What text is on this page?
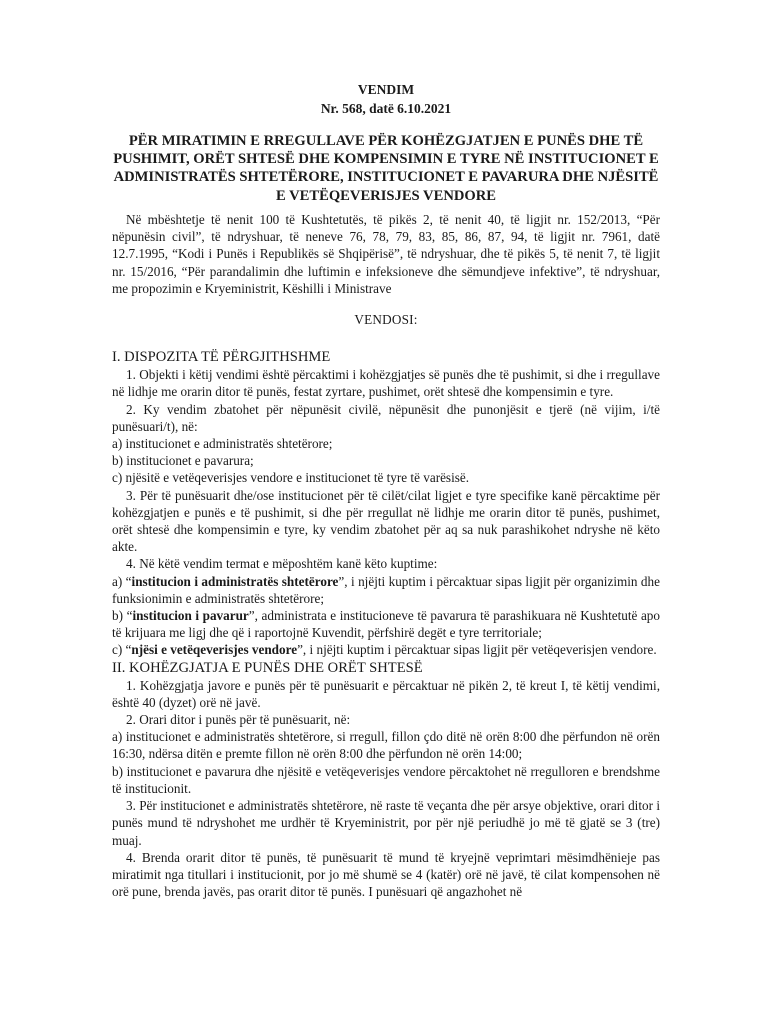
VENDIM
Nr. 568, datë 6.10.2021
PËR MIRATIMIN E RREGULLAVE PËR KOHËZGJATJEN E PUNËS DHE TË PUSHIMIT, ORËT SHTESË DHE KOMPENSIMIN E TYRE NË INSTITUCIONET E ADMINISTRATËS SHTETËRORE, INSTITUCIONET E PAVARURA DHE NJËSITË E VETËQEVERISJES VENDORE

Në mbështetje të nenit 100 të Kushtetutës, të pikës 2, të nenit 40, të ligjit nr. 152/2013, “Për nëpunësin civil”, të ndryshuar, të neneve 76, 78, 79, 83, 85, 86, 87, 94, të ligjit nr. 7961, datë 12.7.1995, “Kodi i Punës i Republikës së Shqipërisë”, të ndryshuar, dhe të pikës 5, të nenit 7, të ligjit nr. 15/2016, “Për parandalimin dhe luftimin e infeksioneve dhe sëmundjeve infektive”, të ndryshuar, me propozimin e Kryeministrit, Këshilli i Ministrave

VENDOSI:

I. DISPOZITA TË PËRGJITHSHME

1. Objekti i këtij vendimi është përcaktimi i kohëzgjatjes së punës dhe të pushimit, si dhe i rregullave në lidhje me orarin ditor të punës, festat zyrtare, pushimet, orët shtesë dhe kompensimin e tyre.

2. Ky vendim zbatohet për nëpunësit civilë, nëpunësit dhe punonjësit e tjerë (në vijim, i/të punësuari/t), në:

a) institucionet e administratës shtetërore;

b) institucionet e pavarura;

c) njësitë e vetëqeverisjes vendore e institucionet të tyre të varësisë.

3. Për të punësuarit dhe/ose institucionet për të cilët/cilat ligjet e tyre specifike kanë përcaktime për kohëzgjatjen e punës e të pushimit, si dhe për rregullat në lidhje me orarin ditor të punës, pushimet, orët shtesë dhe kompensimin e tyre, ky vendim zbatohet për aq sa nuk parashikohet ndryshe në këto akte.

4. Në këtë vendim termat e mëposhtëm kanë këto kuptime:

a) “institucion i administratës shtetërore”, i njëjti kuptim i përcaktuar sipas ligjit për organizimin dhe funksionimin e administratës shtetërore;

b) “institucion i pavarur”, administrata e institucioneve të pavarura të parashikuara në Kushtetutë apo të krijuara me ligj dhe që i raportojnë Kuvendit, përfshirë degët e tyre territoriale;

c) “njësi e vetëqeverisjes vendore”, i njëjti kuptim i përcaktuar sipas ligjit për vetëqeverisjen vendore.

II. KOHËZGJATJA E PUNËS DHE ORËT SHTESË

1. Kohëzgjatja javore e punës për të punësuarit e përcaktuar në pikën 2, të kreut I, të këtij vendimi, është 40 (dyzet) orë në javë.

2. Orari ditor i punës për të punësuarit, në:

a) institucionet e administratës shtetërore, si rregull, fillon çdo ditë në orën 8:00 dhe përfundon në orën 16:30, ndërsa ditën e premte fillon në orën 8:00 dhe përfundon në orën 14:00;

b) institucionet e pavarura dhe njësitë e vetëqeverisjes vendore përcaktohet në rregulloren e brendshme të institucionit.

3. Për institucionet e administratës shtetërore, në raste të veçanta dhe për arsye objektive, orari ditor i punës mund të ndryshohet me urdhër të Kryeministrit, por për një periudhë jo më të gjatë se 3 (tre) muaj.

4. Brenda orarit ditor të punës, të punësuarit të mund të kryejnë veprimtari mësimdhënieje pas miratimit nga titullari i institucionit, por jo më shumë se 4 (katër) orë në javë, të cilat kompensohen në orë pune, brenda javës, pas orarit ditor të punës. I punësuari që angazhohet në
